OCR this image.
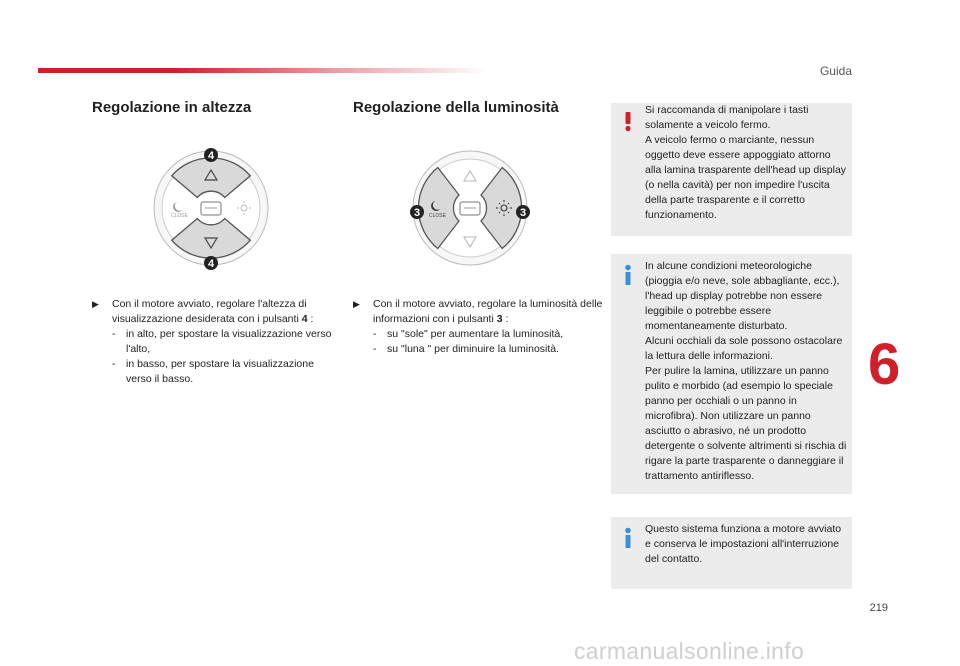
Guida
Regolazione in altezza	Regolazione della luminosità
CLOSE
4
4
CLOSE
3	3
▶ Con il motore avviato, regolare l'altezza di visualizzazione desiderata con i pulsanti 4 :
- in alto, per spostare la visualizzazione verso l'alto,
- in basso, per spostare la visualizzazione verso il basso.
▶ Con il motore avviato, regolare la luminosità delle informazioni con i pulsanti 3 :
- su "sole" per aumentare la luminosità,
- su "luna " per diminuire la luminosità.
Si raccomanda di manipolare i tasti solamente a veicolo fermo.
A veicolo fermo o marciante, nessun oggetto deve essere appoggiato attorno alla lamina trasparente dell'head up display (o nella cavità) per non impedire l'uscita della parte trasparente e il corretto funzionamento.
In alcune condizioni meteorologiche (pioggia e/o neve, sole abbagliante, ecc.), l'head up display potrebbe non essere leggibile o potrebbe essere momentaneamente disturbato.
Alcuni occhiali da sole possono ostacolare la lettura delle informazioni.
Per pulire la lamina, utilizzare un panno pulito e morbido (ad esempio lo speciale panno per occhiali o un panno in microfibra). Non utilizzare un panno asciutto o abrasivo, né un prodotto detergente o solvente altrimenti si rischia di rigare la parte trasparente o danneggiare il trattamento antiriflesso.
Questo sistema funziona a motore avviato e conserva le impostazioni all'interruzione del contatto.
6
219
carmanualsonline.info
